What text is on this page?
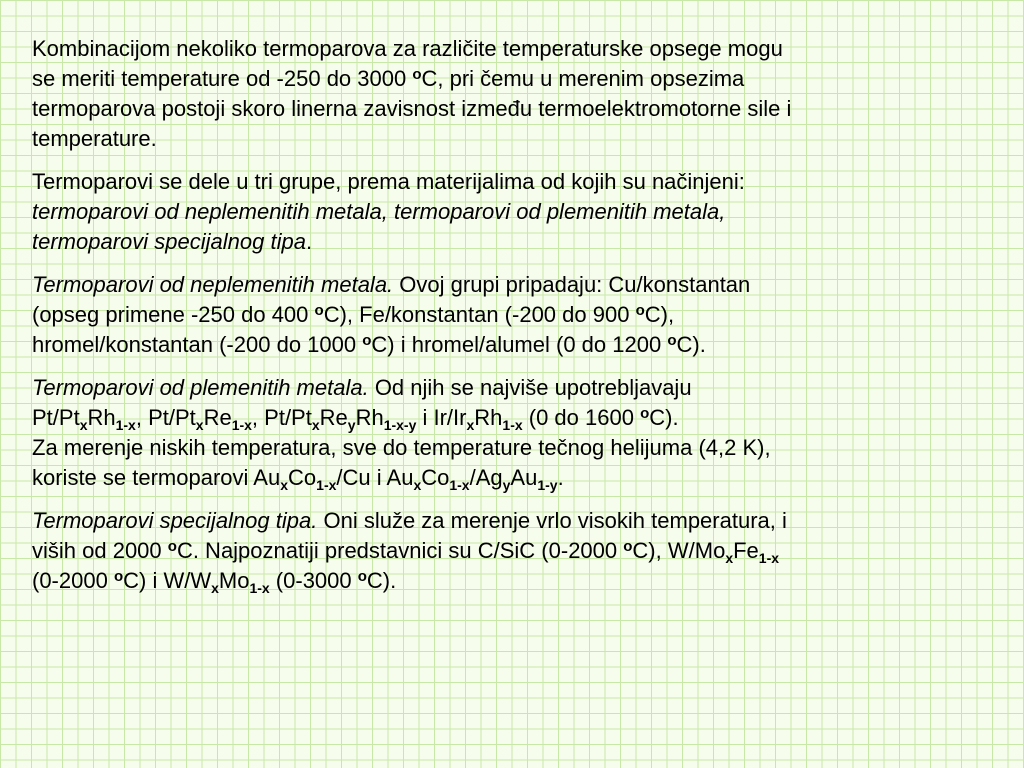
Kombinacijom nekoliko termoparova za različite temperaturske opsege mogu
se meriti temperature od -250 do 3000 $^o$C, pri čemu u merenim opsezima
termoparova postoji skoro linerna zavisnost između termoelektromotorne sile i
temperature.
Termoparovi se dele u tri grupe, prema materijalima od kojih su načinjeni:
termoparovi od neplemenitih metala, termoparovi od plemenitih metala,
termoparovi specijalnog tipa.
Termoparovi od neplemenitih metala. Ovoj grupi pripadaju: Cu/konstantan
(opseg primene -250 do 400 $^o$C), Fe/konstantan (-200 do 900 $^o$C),
hromel/konstantan (-200 do 1000 $^o$C) i hromel/alumel (0 do 1200 $^o$C).
Termoparovi od plemenitih metala. Od njih se najviše upotrebljavaju
$Pt/Pt_xRh_{1-x}$, $Pt/Pt_xRe_{1-x}$, $Pt/Pt_xRe_yRh_{1-x-y}$ i $Ir/Ir_xRh_{1-x}$ (0 do 1600 $^o$C).
Za merenje niskih temperatura, sve do temperature tečnog helijuma (4,2 K),
koriste se termoparovi $Au_xCo_{1-x}/Cu$ i $Au_xCo_{1-x}/Ag_yAu_{1-y}$.
Termoparovi specijalnog tipa. Oni služe za merenje vrlo visokih temperatura, i
viših od 2000 $^o$C. Najpoznatiji predstavnici su C/SiC (0-2000 $^o$C), $W/Mo_xFe_{1-x}$
(0-2000 $^o$C) i $W/W_xMo_{1-x}$ (0-3000 $^o$C).
